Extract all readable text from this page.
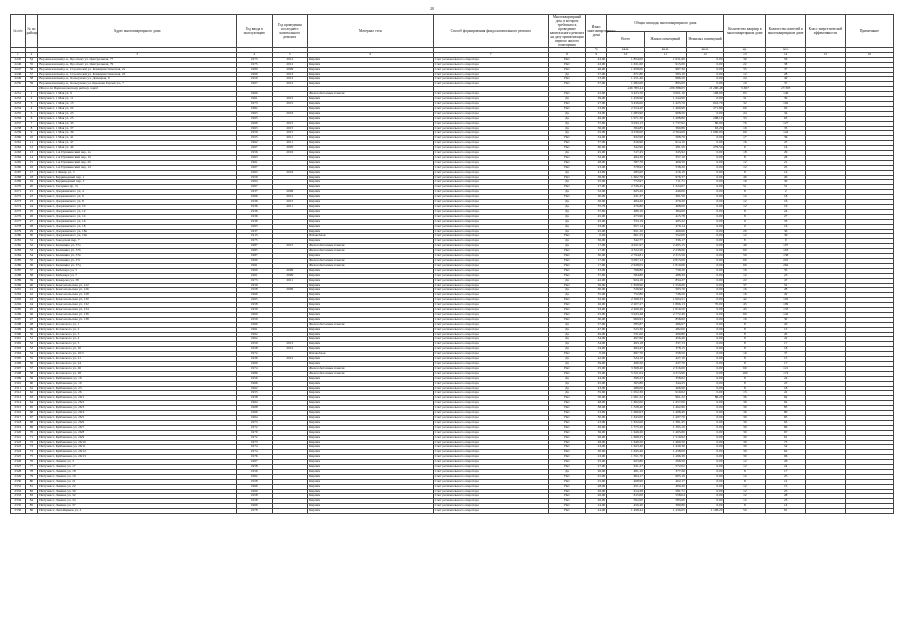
20
№ п/п	№ по району	Адрес многоквартирного дома	Год ввода в эксплуатацию	Год проведения последнего капитального ремонта	Материал стен	Способ формирования фонда капитального ремонта	Многоквартирный дом, в котором требовалось проведение капитального ремонта на дату приватизации первого жилого помещения	Износ многоквартирного дома	Общая площадь многоквартирного дома			Количество квартир в многоквартирном доме	Количество жителей в многоквартирном доме	Класс энергетической эффективности	Примечание
									Всего	Жилых помещений	Нежилых помещений				
								%	кв.м.	кв.м.	кв.м.	ед.	чел.		
1	2	3	4	5	6	7	8	9	10	11	12	13	14	15	16
2245	54	Ворошиловский р-н, Проспект ул. Центральная, 77	1973	2012	Кирпич	Счет регионального оператора	Нет	43,00	1 854,00	1 631,60	0,00	30	56		
2246	55	Ворошиловский р-н, Проспект ул. Центральная, 79	1975	2012	Кирпич	Счет регионального оператора	Нет	43,00	1 631,60	915,00	0,00	22	38		
2247	56	Ворошиловский р-н, Строителей ул. Коммунистическая, 2а	1980	2009	Кирпич	Счет регионального оператора	Нет	46,00	1 658,00	987,30	0,00	35	37		
2248	57	Ворошиловский р-н, Строителей ул. Коммунистическая, 2б	1969	2013	Кирпич	Счет регионального оператора	Да	57,00	671,80	583,10	0,00	12	28		
2249	58	Ворошиловский р-н, Хользунова ул. Донецкая, 9	1959	2012	Кирпич	Счет регионального оператора	Нет	23,00	1 251,40	986,50	0,00	24	49		
2250	59	Ворошиловский р-н, Хользунова ул. Крылова Героев ул., 7	1967	2012	Кирпич	Счет регионального оператора	Нет	37,00	1 082,00	895,00	0,00	19	37		
		Итого по Ворошиловскому району город							246 783,44	206 388,65	11 280,48	5 667	13 395		
2251	1	Интузиаст, 1 Мая ул, 9	1960		Железобетонные панели	Счет регионального оператора	Нет	22,00	3 423,70	3 001,10	108,00	65	146		
2252	2	Интузиаст, 1 Мая ул, 11	1961	2015	Кирпич	Счет регионального оператора	Да	39,00	1 456,90	1 244,90	0,00	31	39		
2253	3	Интузиаст, 1 Мая ул, 15	1973	2015	Кирпич	Счет регионального оператора	Нет	27,00	3 456,00	1 425,70	616,70	32	192		
2254	4	Интузиаст, 1 Мая ул, 22	1982		Кирпич	Счет регионального оператора	Нет	23,00	2 254,20	1 469,90	271,80	60	93		
2255	5	Интузиаст, 1 Мая ул, 23	1963	2016	Кирпич	Счет регионального оператора	Да	33,00	1 083,90	908,50	0,00	24	34		
2256	6	Интузиаст, 1 Мая ул, 25	1965		Кирпич	Счет регионального оператора	Да	49,00	1 971,30	1 498,80	298,10	33	63		
2257	7	Интузиаст, 1 Мая ул, 33	1969	2015	Кирпич	Счет регионального оператора	Да	37,00	3 043,13	1 737,62	80,90	70	127		
2258	8	Интузиаст, 1 Мая ул, 37	1963	2015	Кирпич	Счет регионального оператора	Да	36,00	584,85	390,86	63,20	16	35		
2259	9	Интузиаст, 1 Мая ул, 39	1959	2015	Кирпич	Счет регионального оператора	Да	25,00	4 236,00	2 364,00	1 090,00	69	142		
2260	10	Интузиаст, 1 Мая ул, 41	1955	2011	Кирпич	Счет регионального оператора	Нет	34,00	632,90	568,70	0,00	17	36		
2261	11	Интузиаст, 1 Мая ул, 47	1962	2011	Кирпич	Счет регионального оператора	Нет	37,00	616,90	614,10	0,00	16	25		
2262	12	Интузиаст, 1 Мая ул, 49	1967	2005	Кирпич	Счет регионального оператора	Нет	60,00	342,90	281,50	276,50	6	16		
2263	13	Интузиаст, 1-й Пушкинский пер, 1а	1956	2016	Кирпич	Счет регионального оператора	Да	45,00	517,45	345,92	0,00	18	29		
2264	14	Интузиаст, 1-й Пушкинский пер, 1б	1963		Кирпич	Счет регионального оператора	Нет	32,00	484,30	357,10	0,00	8	26		
2265	15	Интузиаст, 1-й Пушкинский пер, 2б	1961		Кирпич	Счет регионального оператора	Нет	28,00	587,70	469,50	0,00	12	21		
2266	16	Интузиаст, 1-й Пушкинский пер, 12	1967		Кирпич	Счет регионального оператора	Нет	23,00	578,92	538,20	0,00	12	25		
2267	17	Интузиаст, 2 Январ ул, 5	1963	2016	Кирпич	Счет регионального оператора	Да	43,00	285,00	216,10	0,00	8	14		
2268	18	Интузиаст, Баррикадный пер, 1	1959		Кирпич	Счет регионального оператора	Нет	36,00	1 062,78	976,37	0,00	40	29		
2269	19	Интузиаст, Баррикадный пер, 3	1964		Кирпич	Счет регионального оператора	Да	35,00	772,97	711,71	0,00	16	30		
2270	20	Интузиаст, Гагарина пр, 7а	1967		Кирпич	Счет регионального оператора	Нет	27,00	2 536,45	1 324,07	0,00	51	51		
2271	21	Интузиаст, Дзержинского ул, 4	1937	2009	Кирпич	Счет регионального оператора	Да	52,00	625,20	449,00	0,00	8	2		
2272	22	Интузиаст, Дзержинского ул, 6	1966	2012	Кирпич	Счет регионального оператора	Нет	30,00	431,37	391,50	0,00	12	18		
2273	23	Интузиаст, Дзержинского ул, 8	1936	2015	Кирпич	Счет регионального оператора	Да	36,00	484,20	479,20	0,00	12	16		
2274	24	Интузиаст, Дзержинского ул, 10	1936	2011	Кирпич	Счет регионального оператора	Да	35,76	476,80	468,00	0,00	12	16		
2275	25	Интузиаст, Дзержинского ул, 12	1936		Кирпич	Счет регионального оператора	Да	37,00	489,10	384,00	0,00	8	24		
2276	26	Интузиаст, Дзержинского ул, 14	1936		Кирпич	Счет регионального оператора	Да	45,00	473,90	415,78	0,00	8	27		
2277	27	Интузиаст, Дзержинского ул, 16	1936		Кирпич	Счет регионального оператора	Да	45,00	533,19	495,22	0,00	9	33		
2278	28	Интузиаст, Дзержинского ул, 18	1963		Кирпич	Счет регионального оператора	Да	33,00	657,14	479,14	0,00	9	16		
2279	29	Интузиаст, Дзержинского ул, 18а	1937		Кирпич	Счет регионального оператора	Да	45,00	651,10	460,00	0,00	20	30		
2280	30	Интузиаст, Дзержинского ул, 19а	1915		Шлакоблок	Счет регионального оператора	Нет	0,00	601,55	552,00	0,00	12	36		
2281	31	Интузиаст, Заводской пер, 7	1975		Кирпич	Счет регионального оператора	Да	36,00	342,77	336,17	0,00	8	9		
2282	32	Интузиаст, Калинина ул, 37а	1987	2015	Железобетонные панели	Счет регионального оператора	Да	17,00	4 021,97	2 405,15	0,00	40	107		
2283	33	Интузиаст, Калинина ул, 37б	1985		Железобетонные панели	Счет регионального оператора	Нет	17,00	4 522,50	2 238,60	0,00	60	103		
2284	34	Интузиаст, Калинина ул, 37в	1987		Кирпич	Счет регионального оператора	Нет	30,00	2 794,81	2 315,50	0,00	50	138		
2285	35	Интузиаст, Калинина ул, 37г	1990		Железобетонные панели	Счет регионального оператора	Нет	17,00	3 097,14	2 813,00	0,00	60	210		
2286	36	Интузиаст, Калинина ул, 37д	1991		Железобетонные панели	Счет регионального оператора	Нет	17,00	2 928,05	1 819,66	0,00	60	262		
2287	37	Интузиаст, Кибовара ул, 5	1960	2009	Кирпич	Счет регионального оператора	Нет	33,00	768,80	730,20	0,00	16	35		
2288	38	Интузиаст, Кибовара ул, 7	1961	2009	Кирпич	Счет регионального оператора	Нет	37,00	584,80	488,30	0,00	12	23		
2289	39	Интузиаст, Комарова ул, 38	1973	2011	Кирпич	Счет регионального оператора	Да	42,00	924,16	834,27	0,00	22	47		
2290	40	Интузиаст, Комсомольская ул, 122	1959		Кирпич	Счет регионального оператора	Нет	36,00	1 658,90	1 559,60	0,00	37	52		
2291	41	Интузиаст, Комсомольская ул, 126	1958	2009	Кирпич	Счет регионального оператора	Да	30,00	536,90	503,70	0,00	16	28		
2292	42	Интузиаст, Комсомольская ул, 128	1960		Кирпич	Счет регионального оператора	Да	35,00	752,80	748,20	0,00	16	29		
2293	43	Интузиаст, Комсомольская ул, 130	1965		Кирпич	Счет регионального оператора	Нет	32,00	2 368,33	1 604,51	0,00	42	103		
2294	44	Интузиаст, Комсомольская ул, 132	1958		Кирпич	Счет регионального оператора	Нет	26,00	2 207,27	1 866,13	70,00	45	109		
2295	45	Интузиаст, Комсомольская ул, 134	1959		Кирпич	Счет регионального оператора	Нет	33,00	2 499,40	1 819,50	0,00	45	133		
2296	46	Интузиаст, Комсомольская ул, 136	1969		Кирпич	Счет регионального оператора	Нет	25,00	3 043,48	2 772,40	0,00	60	142		
2297	47	Интузиаст, Комсомольская ул, 138	1959		Кирпич	Счет регионального оператора	Нет	30,00	969,93	858,60	0,00	16	30		
2298	48	Интузиаст, Котовского ул, 1	1960		Железобетонные панели	Счет регионального оператора	Да	37,00	585,87	486,67	0,00	8	20		
2299	49	Интузиаст, Котовского ул, 2	1961		Кирпич	Счет регионального оператора	Да	47,00	523,30	482,00	0,00	8	13		
2300	50	Интузиаст, Котовского ул, 3	1962		Кирпич	Счет регионального оператора	Да	49,00	531,00	490,80	0,00	8	20		
2301	51	Интузиаст, Котовского ул, 4	1962		Кирпич	Счет регионального оператора	Да	34,00	497,60	456,40	0,00	8	22		
2302	52	Интузиаст, Котовского ул, 5	1959	2013	Кирпич	Счет регионального оператора	Да	34,00	493,18	337,13	0,00	8	17		
2303	53	Интузиаст, Котовского ул, 10	1958	2012	Кирпич	Счет регионального оператора	Да	34,00	484,45	378,15	0,00	8	18		
2304	54	Интузиаст, Котовского ул, 16/3	1972		Шлакоблок	Счет регионального оператора	Нет	0,00	697,70	558,50	0,00	16	37		
2305	55	Интузиаст, Котовского ул, 21	1936	2012	Кирпич	Счет регионального оператора	Да	42,00	524,10	427,10	0,00	8	15		
2306	56	Интузиаст, Котовского ул, 24	1960		Кирпич	Счет регионального оператора	Да	39,00	490,50	437,70	0,00	8	17		
2307	57	Интузиаст, Котовского ул, 26	1974		Железобетонные панели	Счет регионального оператора	Нет	25,00	3 368,40	2 316,00	0,00	60	121		
2308	58	Интузиаст, Котовского ул, 28	1986		Железобетонные панели	Счет регионального оператора	Нет	35,00	5 521,04	4 313,90	0,00	100	174		
2309	59	Интузиаст, Куйбышева ул, 16	1956		Кирпич	Счет регионального оператора	Да	44,00	399,23	358,62	0,00	8	24		
2310	60	Интузиаст, Куйбышева ул, 19	1966		Кирпич	Счет регионального оператора	Да	45,00	365,86	344,25	0,00	8	23		
2311	61	Интузиаст, Куйбышева ул, 23	1962		Кирпич	Счет регионального оператора	Да	43,00	286,00	466,90	0,00	8	18		
2312	62	Интузиаст, Куйбышева ул, 26	1955		Кирпич	Счет регионального оператора	Да	35,00	1 052,30	919,02	0,00	15	22		
2313	63	Интузиаст, Куйбышева ул, 26/1	1958		Кирпич	Счет регионального оператора	Нет	50,00	1 061,22	961,22	86,20	36	64		
2314	64	Интузиаст, Куйбышева ул, 26/2	1964		Кирпич	Счет регионального оператора	Нет	48,00	1 692,00	1 457,00	0,00	36	62		
2315	65	Интузиаст, Куйбышева ул, 26/3	1968		Кирпич	Счет регионального оператора	Нет	38,00	1 528,40	1 462,90	0,00	30	85		
2316	66	Интузиаст, Куйбышева ул, 26/4	1969		Кирпич	Счет регионального оператора	Нет	23,00	1 690,03	1 498,40	0,00	30	80		
2317	67	Интузиаст, Куйбышева ул, 26/5	1964		Кирпич	Счет регионального оператора	Нет	30,00	1 643,00	1 497,70	0,00	30	65		
2318	68	Интузиаст, Куйбышева ул, 26/6	1973		Кирпич	Счет регионального оператора	Нет	23,00	1 632,00	1 381,45	0,00	30	63		
2319	69	Интузиаст, Куйбышева ул, 26/7	1972		Кирпич	Счет регионального оператора	Нет	26,00	1 575,20	1 395,10	0,00	30	69		
2320	70	Интузиаст, Куйбышева ул, 26/8	1970		Кирпич	Счет регионального оператора	Нет	36,00	1 649,20	1 465,60	0,00	30	67		
2321	71	Интузиаст, Куйбышева ул, 26/9	1972		Кирпич	Счет регионального оператора	Нет	26,00	1 668,25	1 519,92	0,00	30	61		
2322	72	Интузиаст, Куйбышева ул, 26/10	1973		Кирпич	Счет регионального оператора	Нет	28,00	1 649,50	1 460,50	0,00	30	73		
2323	73	Интузиаст, Куйбышева ул, 26/11	1974		Кирпич	Счет регионального оператора	Нет	24,00	1 623,40	1 430,30	0,00	30	54		
2324	74	Интузиаст, Куйбышева ул, 26/12	1974		Кирпич	Счет регионального оператора	Нет	30,00	1 645,40	1 438,00	0,00	30	62		
2325	75	Интузиаст, Куйбышева ул, 26/13	1976		Кирпич	Счет регионального оператора	Нет	23,00	1 551,70	1 496,30	0,00	30	66		
2326	76	Интузиаст, Ленина ул, 3	1967		Кирпич	Счет регионального оператора	Нет	25,00	623,80	568,50	0,00	12	26		
2327	77	Интузиаст, Ленина ул, 17	1958		Кирпич	Счет регионального оператора	Нет	27,00	631,27	572,02	0,00	12	24		
2328	78	Интузиаст, Ленина ул, 18	1956		Кирпич	Счет регионального оператора	Да	26,00	481,10	377,20	0,00	8	17		
2329	79	Интузиаст, Ленина ул, 19	1962		Кирпич	Счет регионального оператора	Нет	25,00	664,17	605,10	0,00	12	25		
2330	80	Интузиаст, Ленина ул, 21	1958		Кирпич	Счет регионального оператора	Нет	25,00	468,90	402,17	0,00	8	12		
2331	81	Интузиаст, Ленина ул, 22	1960		Кирпич	Счет регионального оператора	Нет	28,00	451,21	400,20	0,00	12	15		
2332	82	Интузиаст, Ленина ул, 30	1960		Кирпич	Счет регионального оператора	Нет	26,00	614,28	581,71	0,00	12	25		
2333	83	Интузиаст, Ленина ул, 32	1958		Кирпич	Счет регионального оператора	Нет	26,00	615,00	558,04	0,00	12	28		
2334	84	Интузиаст, Ленина ул, 34	1958		Кирпич	Счет регионального оператора	Нет	26,00	592,00	583,60	0,00	12	23		
2335	85	Интузиаст, Ленина ул, 37	1960		Кирпич	Счет регионального оператора	Нет	24,00	450,40	380,80	0,00	8	14		
2336	86	Интузиаст, Литейщиков ул, 3	1978		Кирпич	Счет регионального оператора	Нет	24,00	1 498,44	1 436,65	1 198,20	50	61		
